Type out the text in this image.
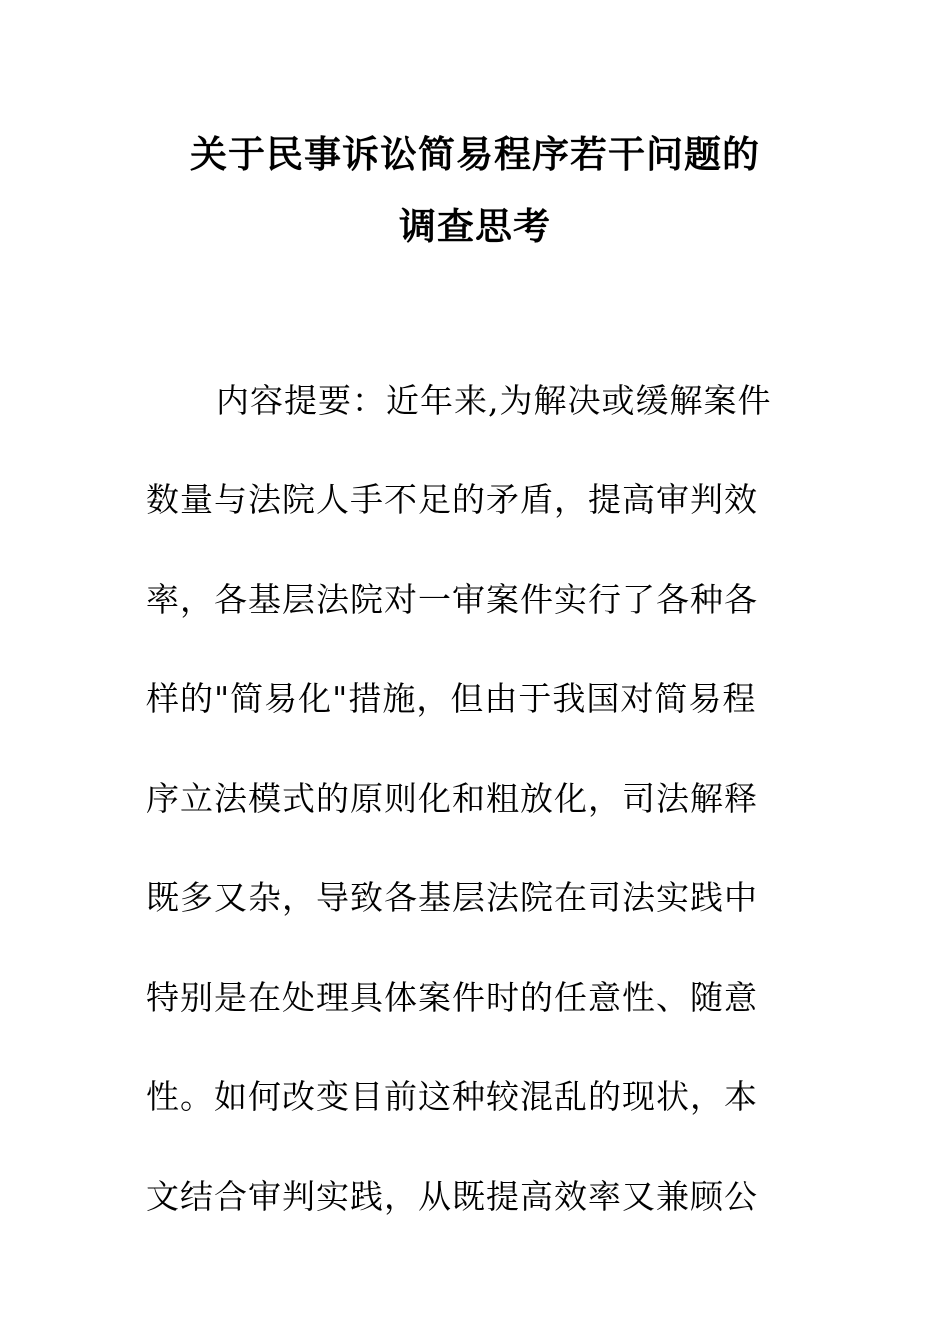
关于民事诉讼简易程序若干问题的
调查思考
内容提要：近年来,为解决或缓解案件
数量与法院人手不足的矛盾，提高审判效
率，各基层法院对一审案件实行了各种各
样的"简易化"措施，但由于我国对简易程
序立法模式的原则化和粗放化，司法解释
既多又杂，导致各基层法院在司法实践中
特别是在处理具体案件时的任意性、随意
性。如何改变目前这种较混乱的现状，本
文结合审判实践，从既提高效率又兼顾公
